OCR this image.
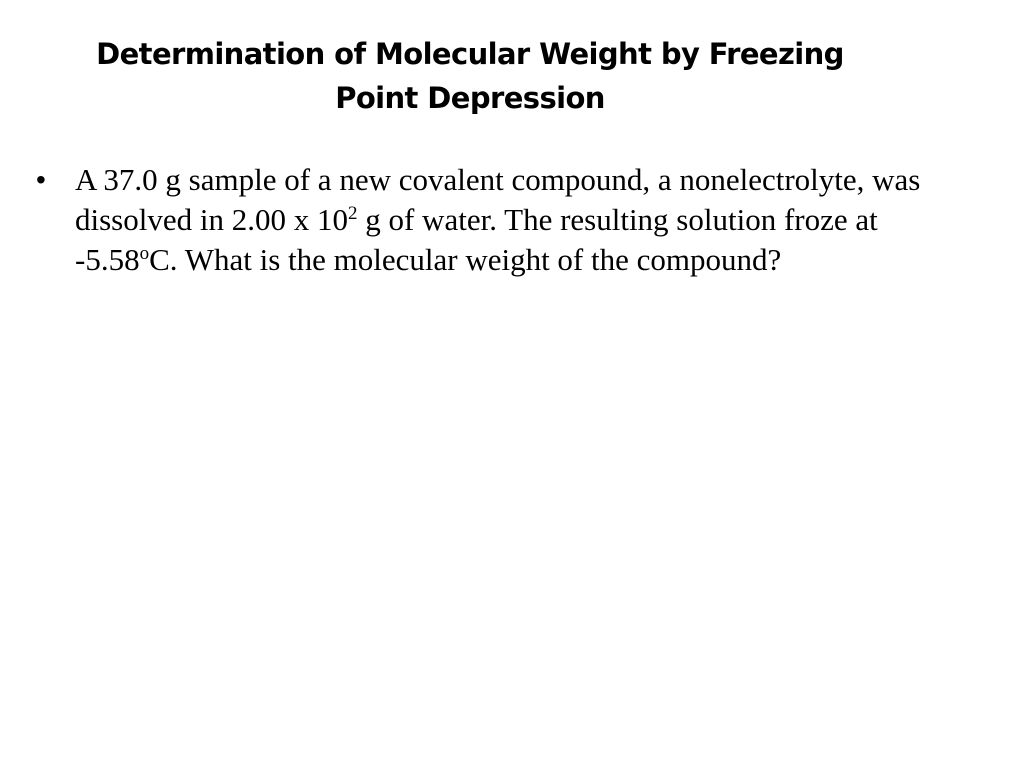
Determination of Molecular Weight by Freezing
Point Depression
• A 37.0 g sample of a new covalent compound, a nonelectrolyte, was dissolved in 2.00 x $10^2$ g of water. The resulting solution froze at -5.58$^o$C. What is the molecular weight of the compound?
